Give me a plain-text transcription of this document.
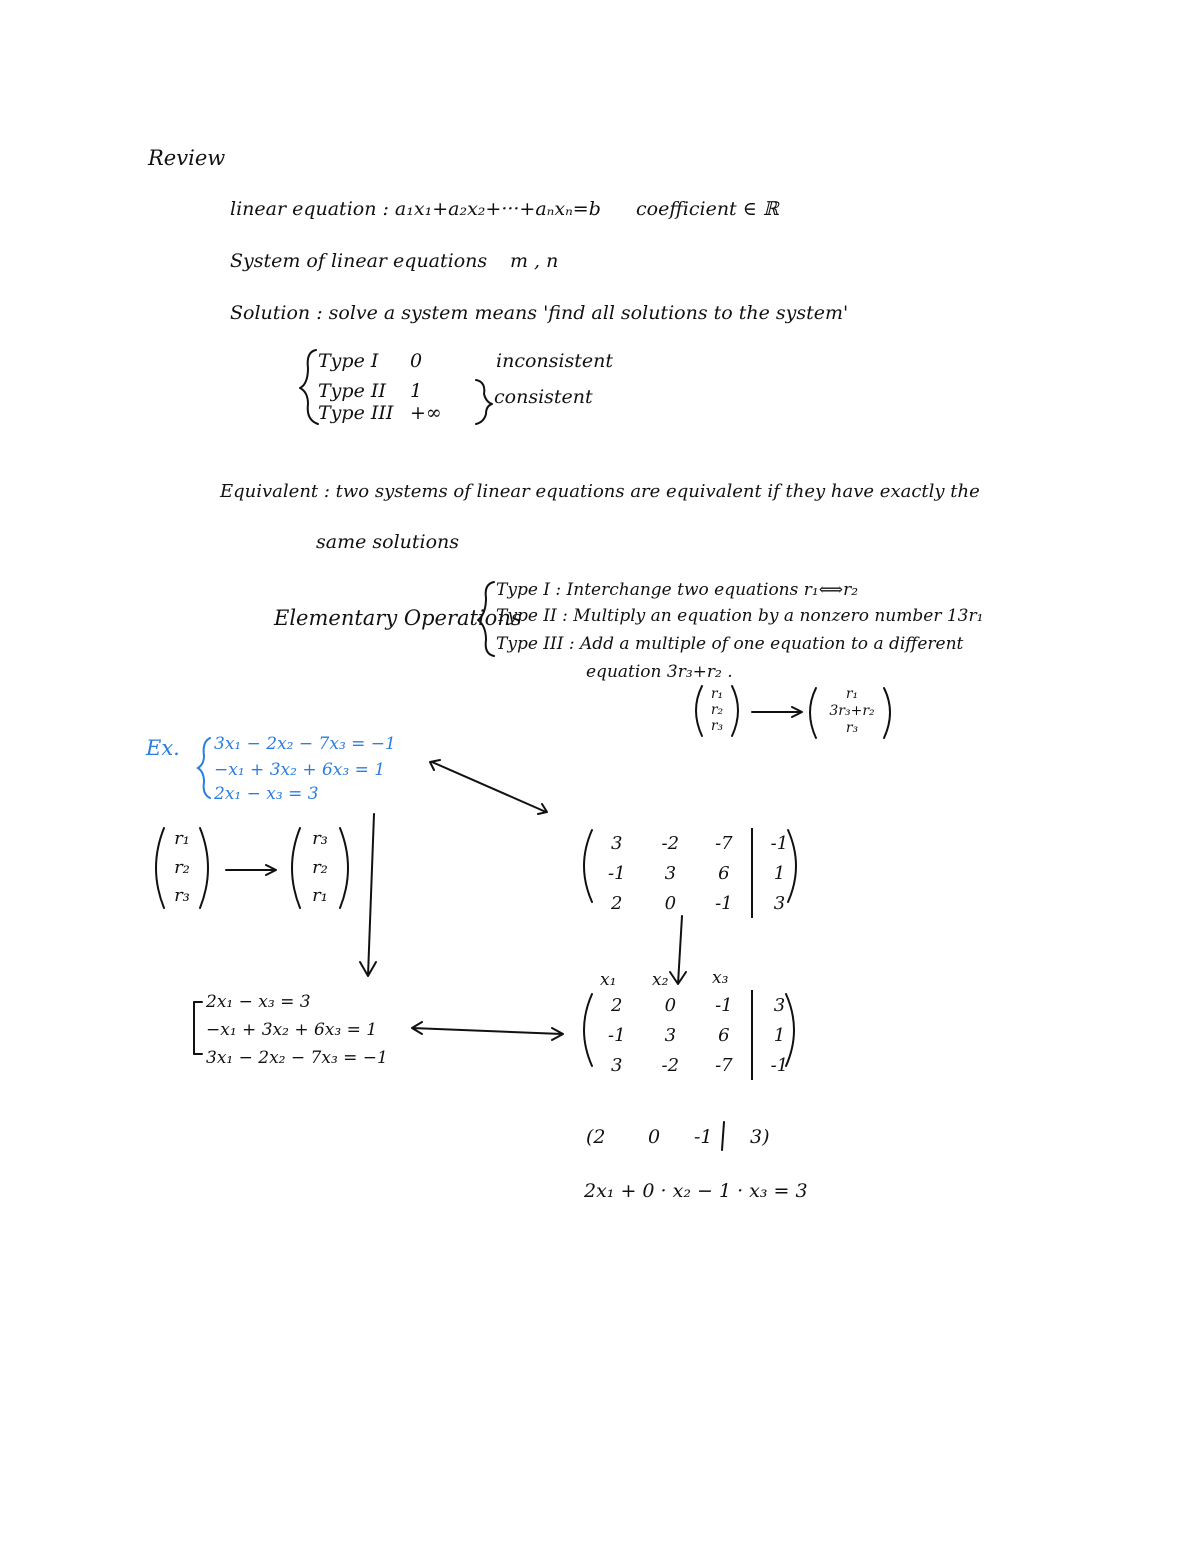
Review
linear equation : a₁x₁+a₂x₂+···+aₙxₙ=b coefficient ∈ ℝ
System of linear equations m , n
Solution : solve a system means 'find all solutions to the system'
Type I 0	inconsistent
Type II 1
Type III +∞
consistent
Equivalent : two systems of linear equations are equivalent if they have exactly the
same solutions
Elementary Operations
Type I : Interchange two equations r₁⟺r₂
Type II : Multiply an equation by a nonzero number 13r₁
Type III : Add a multiple of one equation to a different
equation 3r₃+r₂ .
r₁
r₂
r₃
r₁
3r₃+r₂
r₃
Ex. 3x₁ − 2x₂ − 7x₃ = −1
−x₁ + 3x₂ + 6x₃ = 1
2x₁ − x₃ = 3
r₁
r₂
r₃
r₃
r₂
r₁
3	-2	-7	-1
-1	3	6	1
2	0	-1	3
x₁ x₂	x₃
2	0	-1	3
-1	3	6	1
3	-2	-7	-1
2x₁ − x₃ = 3
−x₁ + 3x₂ + 6x₃ = 1
3x₁ − 2x₂ − 7x₃ = −1
(2 0 -1 3)
2x₁ + 0 · x₂ − 1 · x₃ = 3
